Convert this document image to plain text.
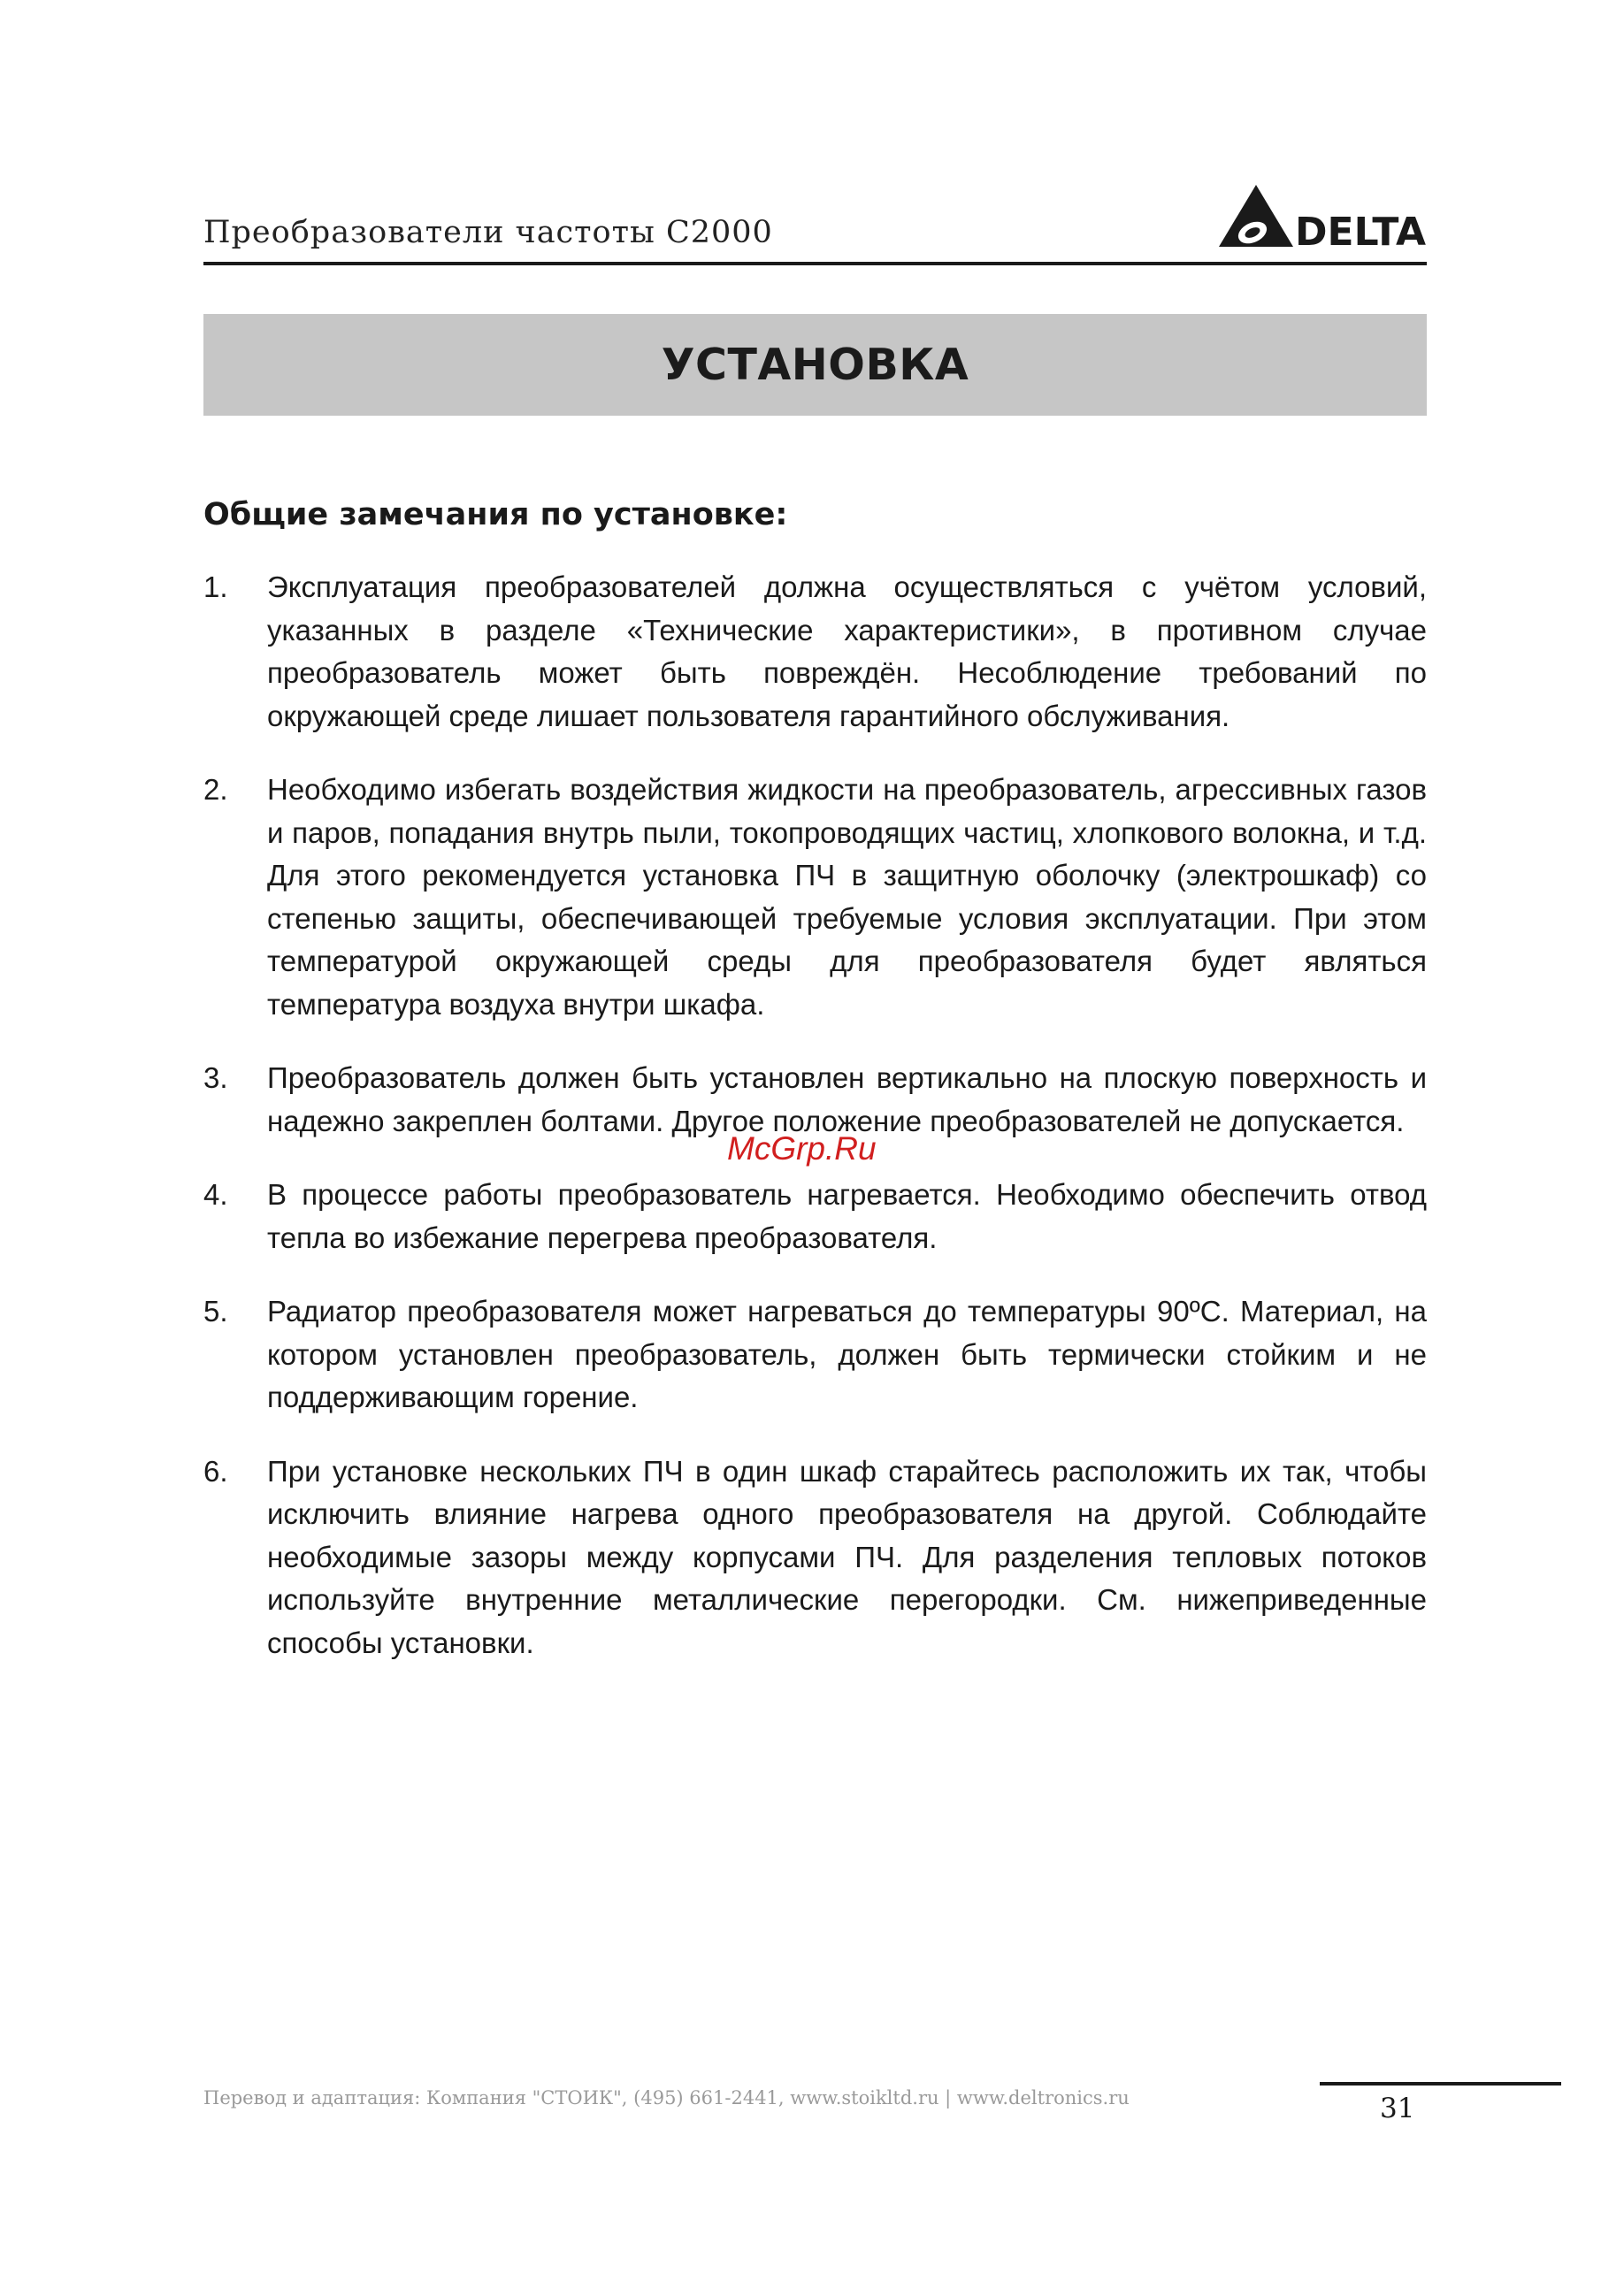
Преобразователи частоты С2000	DELTA
УСТАНОВКА
Общие замечания по установке:
1. Эксплуатация преобразователей должна осуществляться с учётом условий, указанных в разделе «Технические характеристики», в противном случае преобразователь может быть повреждён. Несоблюдение требований по окружающей среде лишает пользователя гарантийного обслуживания.
2. Необходимо избегать воздействия жидкости на преобразователь, агрессивных газов и паров, попадания внутрь пыли, токопроводящих частиц, хлопкового волокна, и т.д. Для этого рекомендуется установка ПЧ в защитную оболочку (электрошкаф) со степенью защиты, обеспечивающей требуемые условия эксплуатации. При этом температурой окружающей среды для преобразователя будет являться температура воздуха внутри шкафа.
3. Преобразователь должен быть установлен вертикально на плоскую поверхность и надежно закреплен болтами. Другое положение преобразователей не допускается.
4. В процессе работы преобразователь нагревается. Необходимо обеспечить отвод тепла во избежание перегрева преобразователя.
5. Радиатор преобразователя может нагреваться до температуры 90ºС. Материал, на котором установлен преобразователь, должен быть термически стойким и не поддерживающим горение.
6. При установке нескольких ПЧ в один шкаф старайтесь расположить их так, чтобы исключить влияние нагрева одного преобразователя на другой. Соблюдайте необходимые зазоры между корпусами ПЧ. Для разделения тепловых потоков используйте внутренние металлические перегородки. См. нижеприведенные способы установки.
McGrp.Ru
Перевод и адаптация: Компания "СТОИК", (495) 661-2441, www.stoikltd.ru | www.deltronics.ru	31
